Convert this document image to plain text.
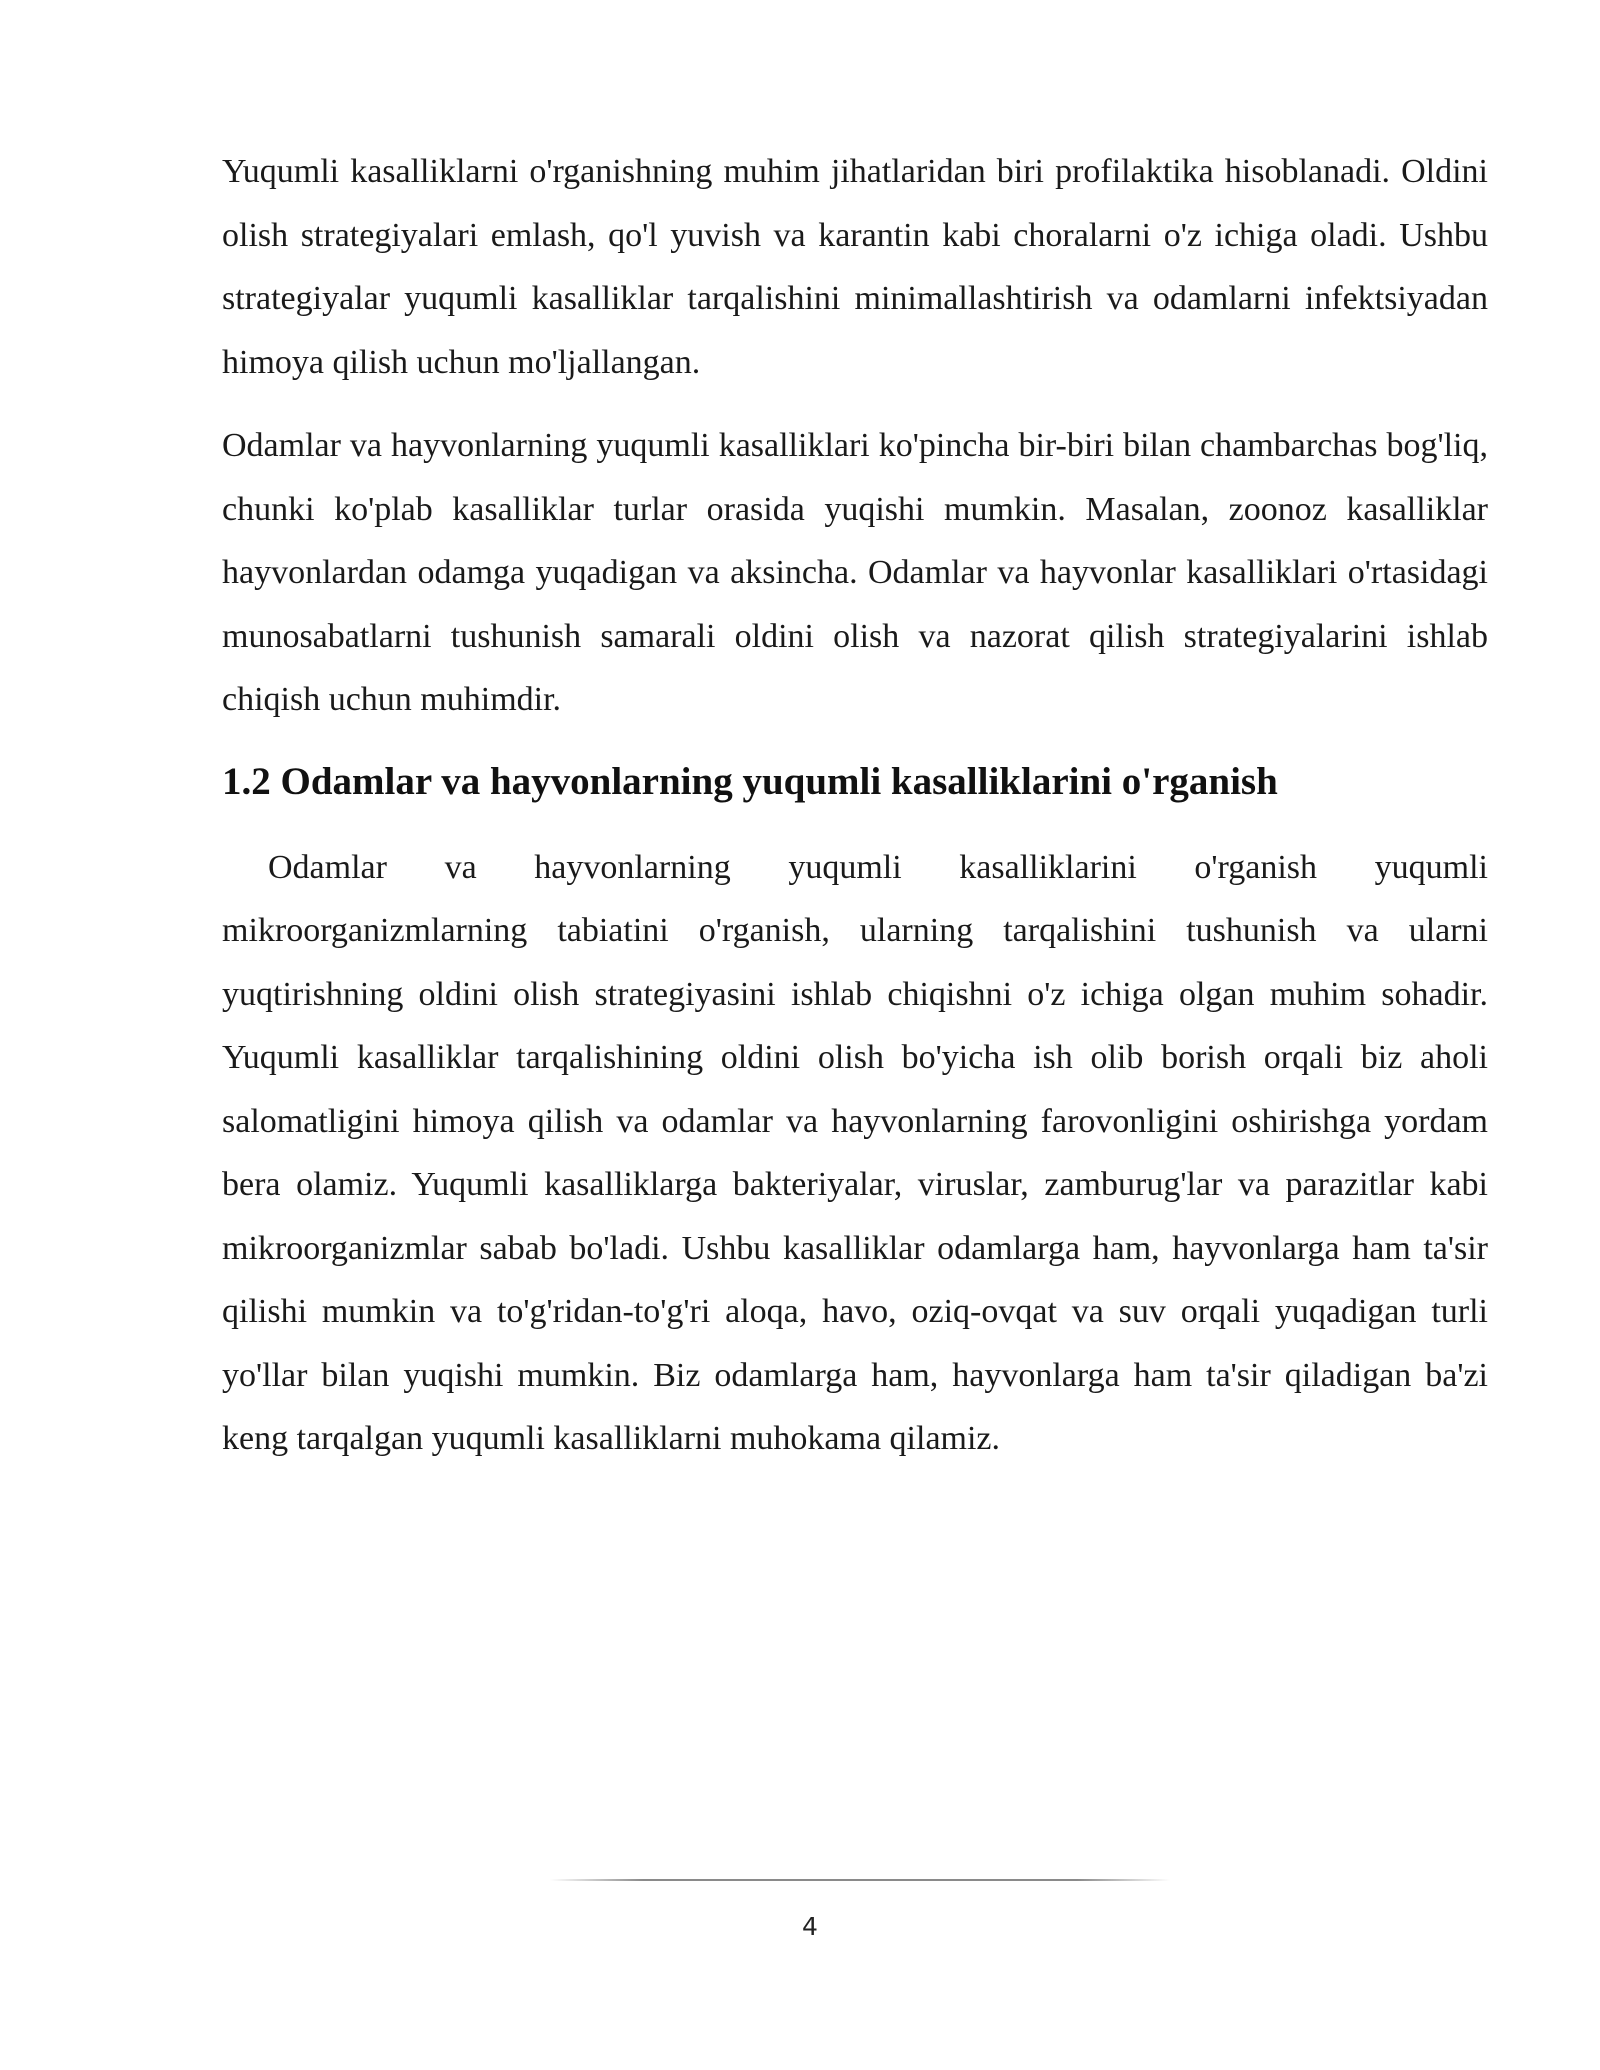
Yuqumli kasalliklarni o'rganishning muhim jihatlaridan biri profilaktika hisoblanadi. Oldini olish strategiyalari emlash, qo'l yuvish va karantin kabi choralarni o'z ichiga oladi. Ushbu strategiyalar yuqumli kasalliklar tarqalishini minimallashtirish va odamlarni infektsiyadan himoya qilish uchun mo'ljallangan.

Odamlar va hayvonlarning yuqumli kasalliklari ko'pincha bir-biri bilan chambarchas bog'liq, chunki ko'plab kasalliklar turlar orasida yuqishi mumkin. Masalan, zoonoz kasalliklar hayvonlardan odamga yuqadigan va aksincha. Odamlar va hayvonlar kasalliklari o'rtasidagi munosabatlarni tushunish samarali oldini olish va nazorat qilish strategiyalarini ishlab chiqish uchun muhimdir.

1.2 Odamlar va hayvonlarning yuqumli kasalliklarini o'rganish

Odamlar va hayvonlarning yuqumli kasalliklarini o'rganish yuqumli mikroorganizmlarning tabiatini o'rganish, ularning tarqalishini tushunish va ularni yuqtirishning oldini olish strategiyasini ishlab chiqishni o'z ichiga olgan muhim sohadir. Yuqumli kasalliklar tarqalishining oldini olish bo'yicha ish olib borish orqali biz aholi salomatligini himoya qilish va odamlar va hayvonlarning farovonligini oshirishga yordam bera olamiz. Yuqumli kasalliklarga bakteriyalar, viruslar, zamburug'lar va parazitlar kabi mikroorganizmlar sabab bo'ladi. Ushbu kasalliklar odamlarga ham, hayvonlarga ham ta'sir qilishi mumkin va to'g'ridan-to'g'ri aloqa, havo, oziq-ovqat va suv orqali yuqadigan turli yo'llar bilan yuqishi mumkin. Biz odamlarga ham, hayvonlarga ham ta'sir qiladigan ba'zi keng tarqalgan yuqumli kasalliklarni muhokama qilamiz.

4
